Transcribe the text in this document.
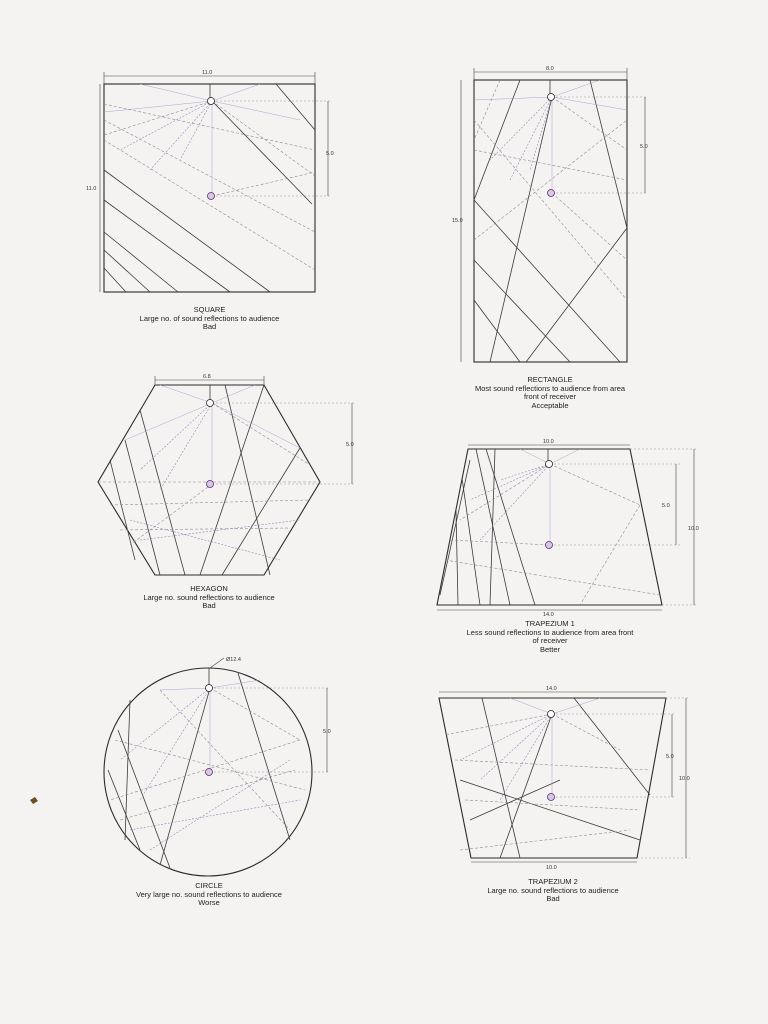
11.0
11.0
5.0
8.0
15.0
5.0
6.8
5.0	10.0
14.0
5.0
10.0
Ø12.4
5.0
14.0
10.0
5.0
10.0
SQUARE
Large no. of sound reflections to audience
Bad
RECTANGLE
Most sound reflections to audience from area
front of receiver
Acceptable
HEXAGON
Large no. sound reflections to audience
Bad
TRAPEZIUM 1
Less sound reflections to audience from area front
of receiver
Better
CIRCLE
Very large no. sound reflections to audience
Worse
TRAPEZIUM 2
Large no. sound reflections to audience
Bad
